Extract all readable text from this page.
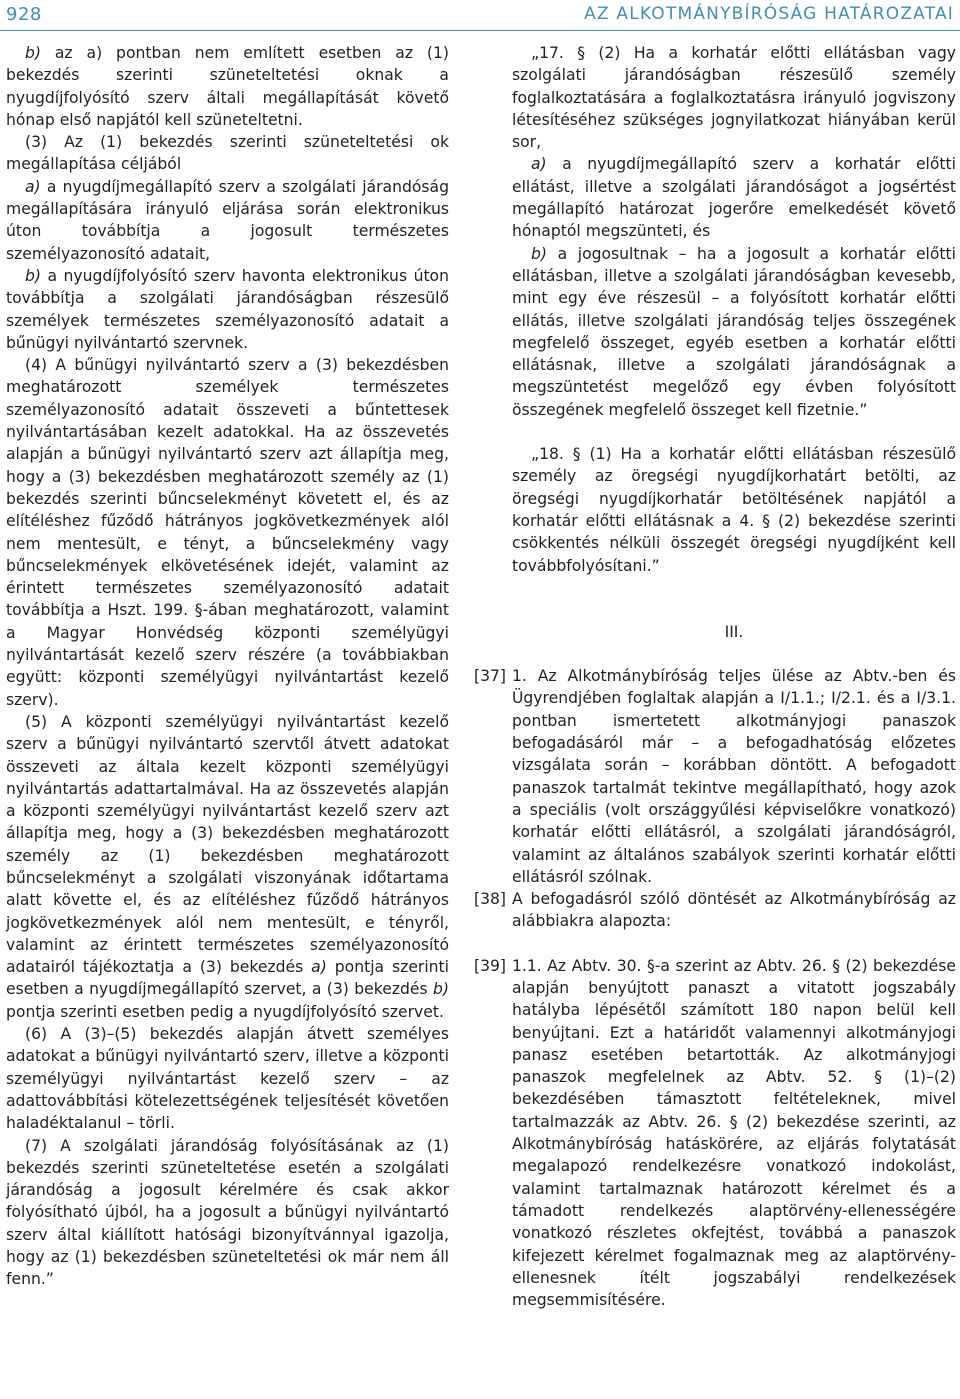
928	AZ ALKOTMÁNYBÍRÓSÁG HATÁROZATAI

b) az a) pontban nem említett esetben az (1) bekezdés szerinti szüneteltetési oknak a nyugdíjfolyósító szerv általi megállapítását követő hónap első napjától kell szüneteltetni.

(3) Az (1) bekezdés szerinti szüneteltetési ok megállapítása céljából

a) a nyugdíjmegállapító szerv a szolgálati járandóság megállapítására irányuló eljárása során elektronikus úton továbbítja a jogosult természetes személyazonosító adatait,

b) a nyugdíjfolyósító szerv havonta elektronikus úton továbbítja a szolgálati járandóságban részesülő személyek természetes személyazonosító adatait a bűnügyi nyilvántartó szervnek.

(4) A bűnügyi nyilvántartó szerv a (3) bekezdésben meghatározott személyek természetes személyazonosító adatait összeveti a bűntettesek nyilvántartásában kezelt adatokkal. Ha az összevetés alapján a bűnügyi nyilvántartó szerv azt állapítja meg, hogy a (3) bekezdésben meghatározott személy az (1) bekezdés szerinti bűncselekményt követett el, és az elítéléshez fűződő hátrányos jogkövetkezmények alól nem mentesült, e tényt, a bűncselekmény vagy bűncselekmények elkövetésének idejét, valamint az érintett természetes személyazonosító adatait továbbítja a Hszt. 199. §-ában meghatározott, valamint a Magyar Honvédség központi személyügyi nyilvántartását kezelő szerv részére (a továbbiakban együtt: központi személyügyi nyilvántartást kezelő szerv).

(5) A központi személyügyi nyilvántartást kezelő szerv a bűnügyi nyilvántartó szervtől átvett adatokat összeveti az általa kezelt központi személyügyi nyilvántartás adattartalmával. Ha az összevetés alapján a központi személyügyi nyilvántartást kezelő szerv azt állapítja meg, hogy a (3) bekezdésben meghatározott személy az (1) bekezdésben meghatározott bűncselekményt a szolgálati viszonyának időtartama alatt követte el, és az elítéléshez fűződő hátrányos jogkövetkezmények alól nem mentesült, e tényről, valamint az érintett természetes személyazonosító adatairól tájékoztatja a (3) bekezdés a) pontja szerinti esetben a nyugdíjmegállapító szervet, a (3) bekezdés b) pontja szerinti esetben pedig a nyugdíjfolyósító szervet.

(6) A (3)–(5) bekezdés alapján átvett személyes adatokat a bűnügyi nyilvántartó szerv, illetve a központi személyügyi nyilvántartást kezelő szerv – az adattovábbítási kötelezettségének teljesítését követően haladéktalanul – törli.

(7) A szolgálati járandóság folyósításának az (1) bekezdés szerinti szüneteltetése esetén a szolgálati járandóság a jogosult kérelmére és csak akkor folyósítható újból, ha a jogosult a bűnügyi nyilvántartó szerv által kiállított hatósági bizonyítvánnyal igazolja, hogy az (1) bekezdésben szüneteltetési ok már nem áll fenn.”

„17. § (2) Ha a korhatár előtti ellátásban vagy szolgálati járandóságban részesülő személy foglalkoztatására a foglalkoztatásra irányuló jogviszony létesítéséhez szükséges jognyilatkozat hiányában kerül sor,

a) a nyugdíjmegállapító szerv a korhatár előtti ellátást, illetve a szolgálati járandóságot a jogsértést megállapító határozat jogerőre emelkedését követő hónaptól megszünteti, és

b) a jogosultnak – ha a jogosult a korhatár előtti ellátásban, illetve a szolgálati járandóságban kevesebb, mint egy éve részesül – a folyósított korhatár előtti ellátás, illetve szolgálati járandóság teljes összegének megfelelő összeget, egyéb esetben a korhatár előtti ellátásnak, illetve a szolgálati járandóságnak a megszüntetést megelőző egy évben folyósított összegének megfelelő összeget kell fizetnie.”

„18. § (1) Ha a korhatár előtti ellátásban részesülő személy az öregségi nyugdíjkorhatárt betölti, az öregségi nyugdíjkorhatár betöltésének napjától a korhatár előtti ellátásnak a 4. § (2) bekezdése szerinti csökkentés nélküli összegét öregségi nyugdíjként kell továbbfolyósítani.”

III.

[37] 1. Az Alkotmánybíróság teljes ülése az Abtv.-ben és Ügyrendjében foglaltak alapján a I/1.1.; I/2.1. és a I/3.1. pontban ismertetett alkotmányjogi panaszok befogadásáról már – a befogadhatóság előzetes vizsgálata során – korábban döntött. A befogadott panaszok tartalmát tekintve megállapítható, hogy azok a speciális (volt országgyűlési képviselőkre vonatkozó) korhatár előtti ellátásról, a szolgálati járandóságról, valamint az általános szabályok szerinti korhatár előtti ellátásról szólnak.

[38] A befogadásról szóló döntését az Alkotmánybíróság az alábbiakra alapozta:

[39] 1.1. Az Abtv. 30. §-a szerint az Abtv. 26. § (2) bekezdése alapján benyújtott panaszt a vitatott jogszabály hatályba lépésétől számított 180 napon belül kell benyújtani. Ezt a határidőt valamennyi alkotmányjogi panasz esetében betartották. Az alkotmányjogi panaszok megfelelnek az Abtv. 52. § (1)–(2) bekezdésében támasztott feltételeknek, mivel tartalmazzák az Abtv. 26. § (2) bekezdése szerinti, az Alkotmánybíróság hatáskörére, az eljárás folytatását megalapozó rendelkezésre vonatkozó indokolást, valamint tartalmaznak határozott kérelmet és a támadott rendelkezés alaptörvény-ellenességére vonatkozó részletes okfejtést, továbbá a panaszok kifejezett kérelmet fogalmaznak meg az alaptörvény-ellenesnek ítélt jogszabályi rendelkezések megsemmisítésére.
